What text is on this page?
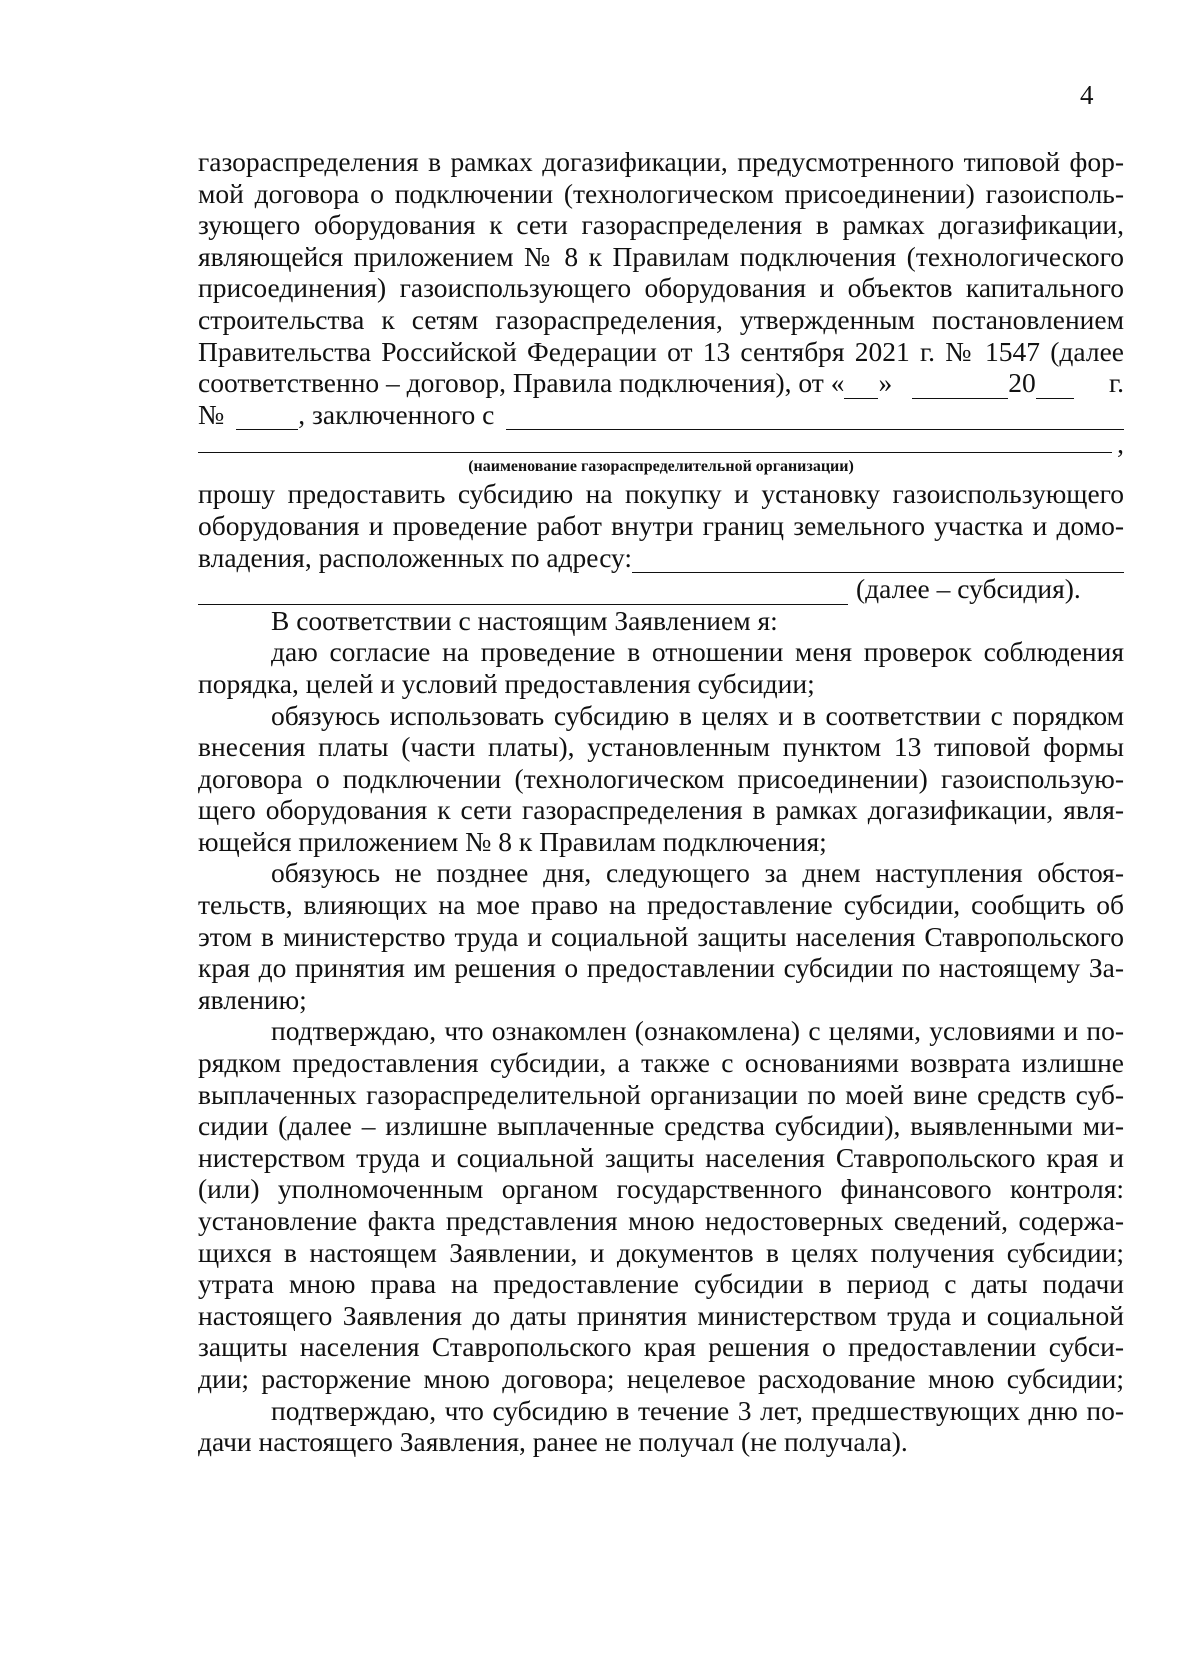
4
газораспределения в рамках догазификации, предусмотренного типовой фор-
мой договора о подключении (технологическом присоединении) газоисполь-
зующего оборудования к сети газораспределения в рамках догазификации,
являющейся приложением № 8 к Правилам подключения (технологического
присоединения) газоиспользующего оборудования и объектов капитального
строительства к сетям газораспределения, утвержденным постановлением
Правительства Российской Федерации от 13 сентября 2021 г. № 1547 (далее
соответственно – договор, Правила подключения), от « »	20	г.
№	, заключенного с
,
(наименование газораспределительной организации)
прошу предоставить субсидию на покупку и установку газоиспользующего
оборудования и проведение работ внутри границ земельного участка и домо-
владения, расположенных по адресу:
(далее – субсидия).
В соответствии с настоящим Заявлением я:
даю согласие на проведение в отношении меня проверок соблюдения
порядка, целей и условий предоставления субсидии;
обязуюсь использовать субсидию в целях и в соответствии с порядком
внесения платы (части платы), установленным пунктом 13 типовой формы
договора о подключении (технологическом присоединении) газоиспользую-
щего оборудования к сети газораспределения в рамках догазификации, явля-
ющейся приложением № 8 к Правилам подключения;
обязуюсь не позднее дня, следующего за днем наступления обстоя-
тельств, влияющих на мое право на предоставление субсидии, сообщить об
этом в министерство труда и социальной защиты населения Ставропольского
края до принятия им решения о предоставлении субсидии по настоящему За-
явлению;
подтверждаю, что ознакомлен (ознакомлена) с целями, условиями и по-
рядком предоставления субсидии, а также с основаниями возврата излишне
выплаченных газораспределительной организации по моей вине средств суб-
сидии (далее – излишне выплаченные средства субсидии), выявленными ми-
нистерством труда и социальной защиты населения Ставропольского края и
(или) уполномоченным органом государственного финансового контроля:
установление факта представления мною недостоверных сведений, содержа-
щихся в настоящем Заявлении, и документов в целях получения субсидии;
утрата мною права на предоставление субсидии в период с даты подачи
настоящего Заявления до даты принятия министерством труда и социальной
защиты населения Ставропольского края решения о предоставлении субси-
дии; расторжение мною договора; нецелевое расходование мною субсидии;
подтверждаю, что субсидию в течение 3 лет, предшествующих дню по-
дачи настоящего Заявления, ранее не получал (не получала).
